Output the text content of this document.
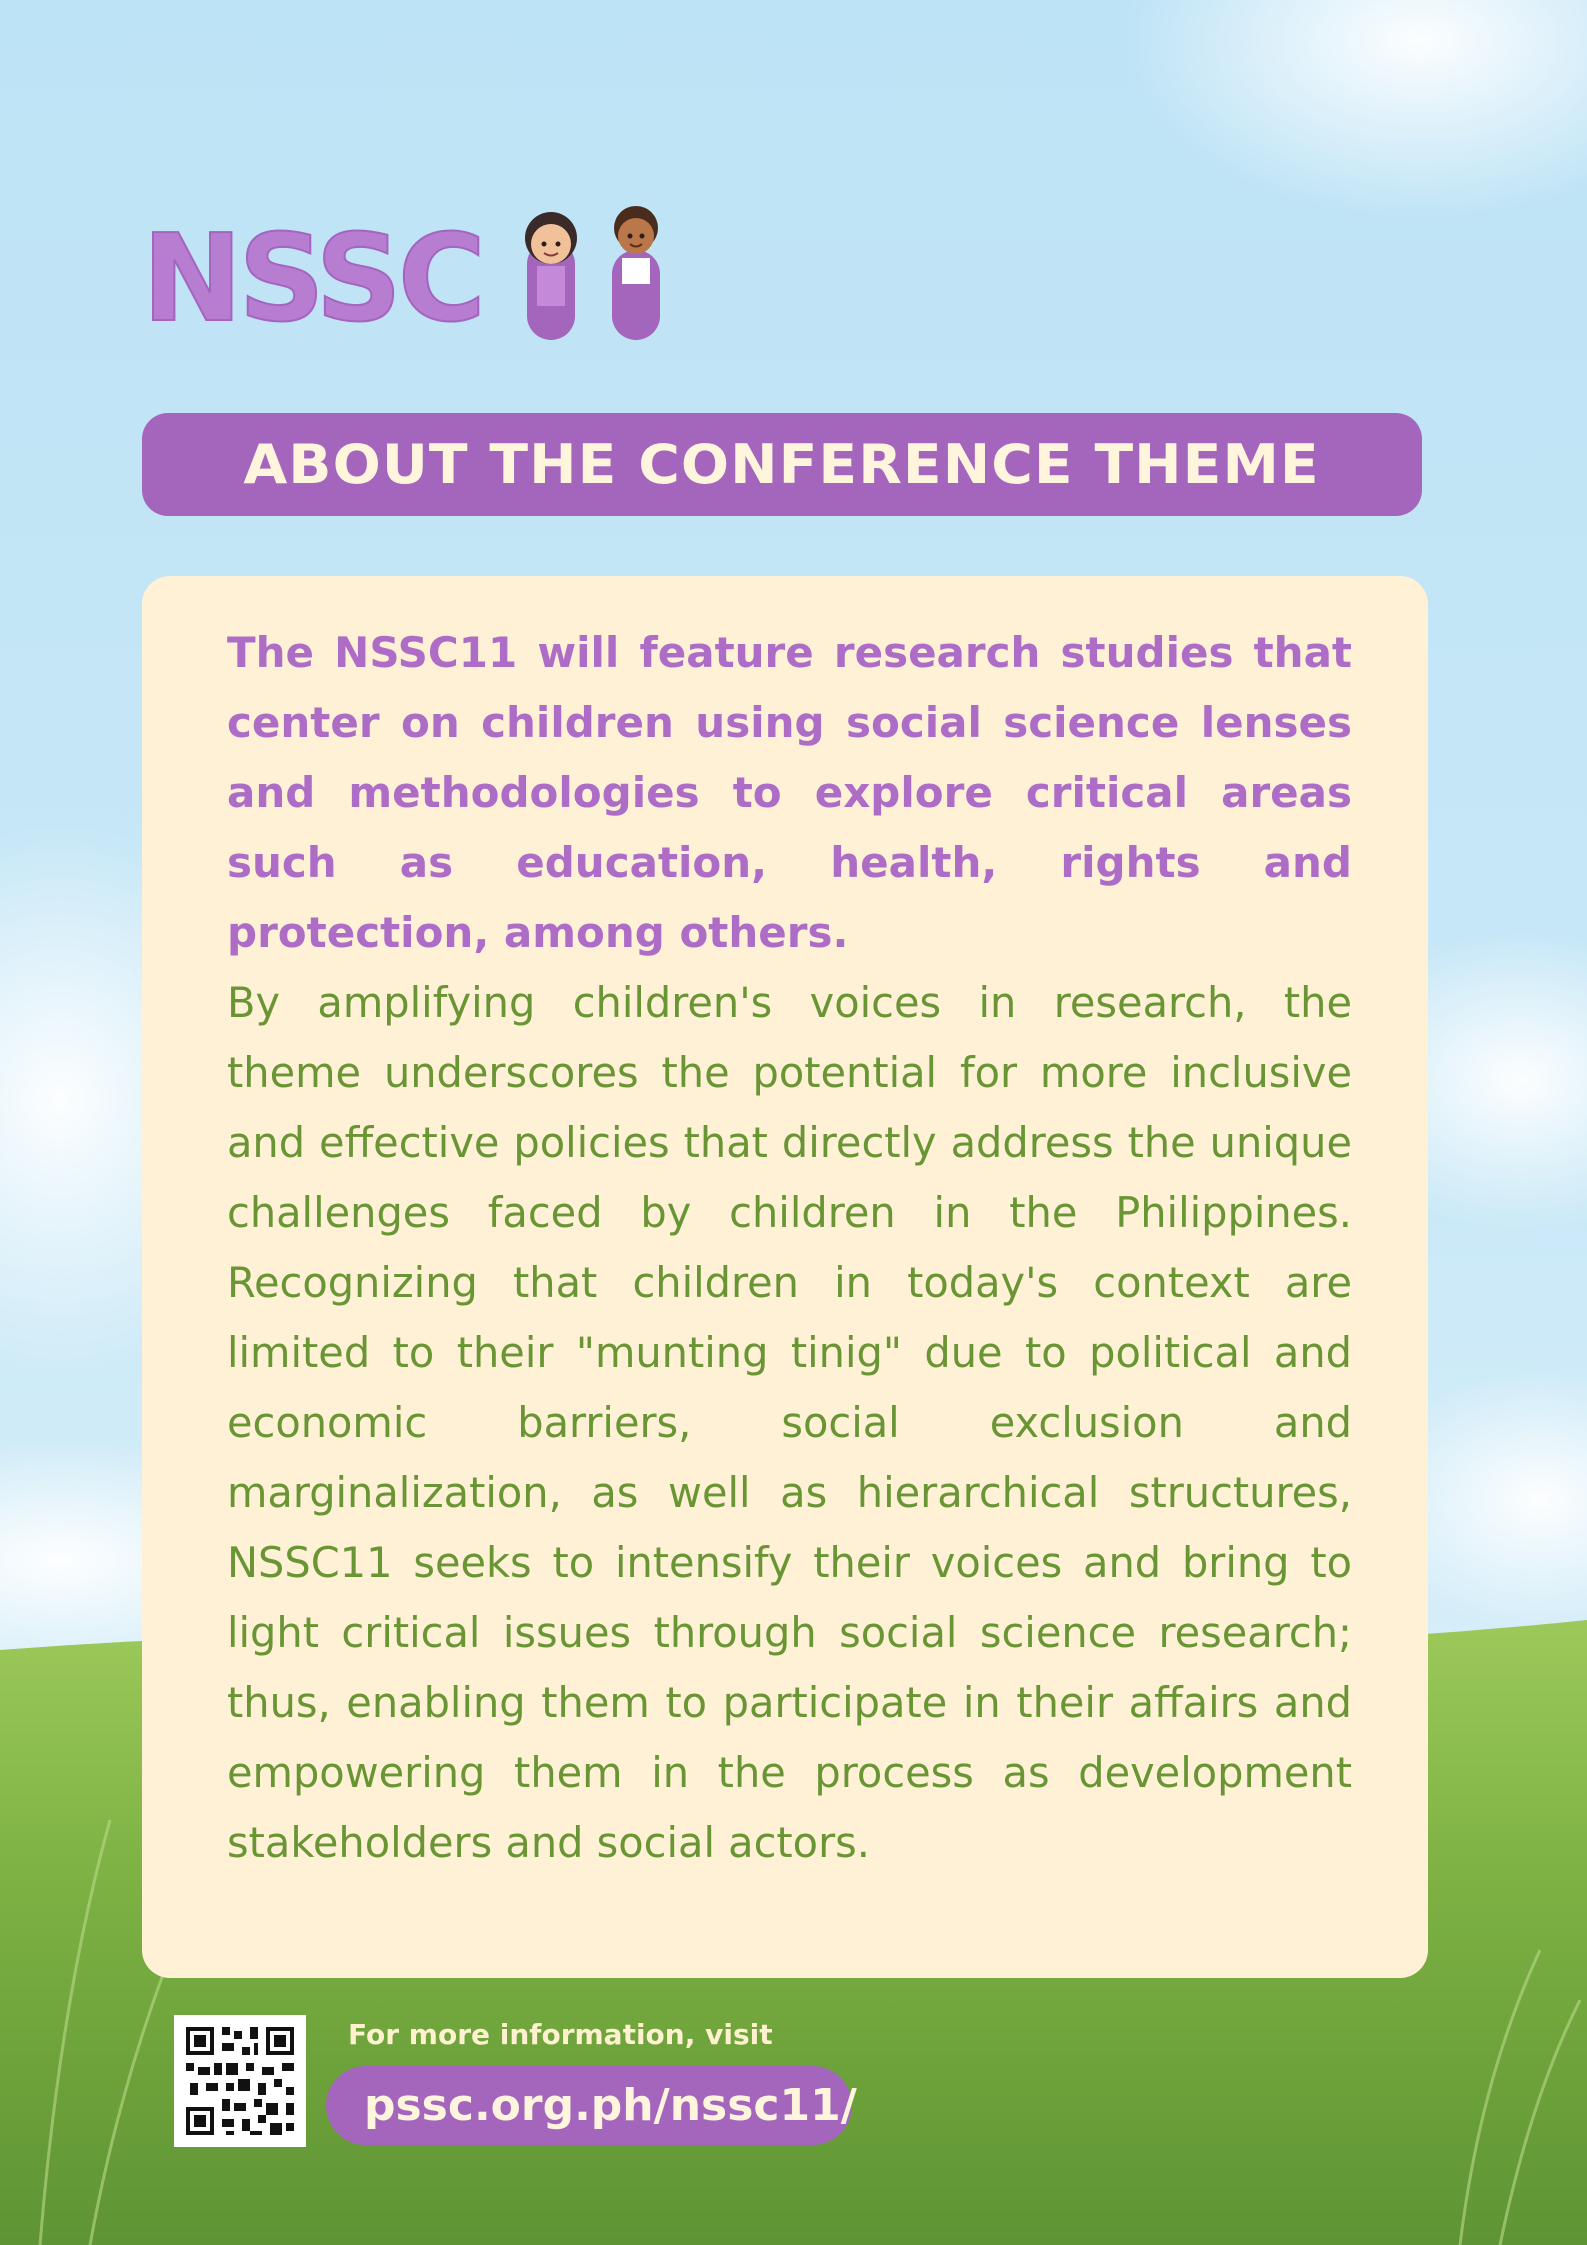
NSSC
ABOUT THE CONFERENCE THEME

The NSSC11 will feature research studies that center on children using social science lenses and methodologies to explore critical areas such as education, health, rights and protection, among others.

By amplifying children's voices in research, the theme underscores the potential for more inclusive and effective policies that directly address the unique challenges faced by children in the Philippines. Recognizing that children in today's context are limited to their "munting tinig" due to political and economic barriers, social exclusion and marginalization, as well as hierarchical structures, NSSC11 seeks to intensify their voices and bring to light critical issues through social science research; thus, enabling them to participate in their affairs and empowering them in the process as development stakeholders and social actors.

For more information, visit
pssc.org.ph/nssc11/
